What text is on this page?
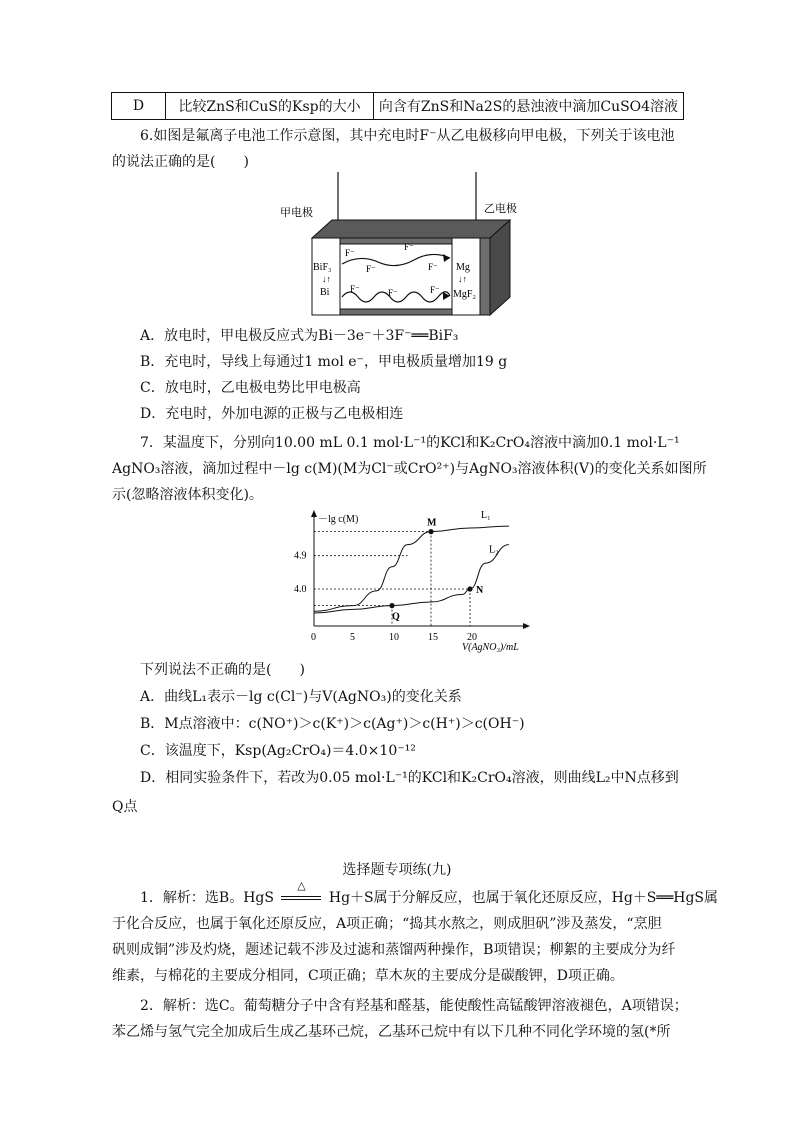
D	比较ZnS和CuS的Ksp的大小	向含有ZnS和Na2S的悬浊液中滴加CuSO4溶液
6.如图是氟离子电池工作示意图，其中充电时F⁻从乙电极移向甲电极，下列关于该电池
的说法正确的是(　　)
甲电极	乙电极
F⁻
F⁻
F⁻
F⁻
F⁻	F⁻	F⁻
BiF₃
↓↑
Bi
Mg
↓↑
MgF₂
A．放电时，甲电极反应式为Bi－3e⁻＋3F⁻══BiF₃
B．充电时，导线上每通过1 mol e⁻，甲电极质量增加19 g
C．放电时，乙电极电势比甲电极高
D．充电时，外加电源的正极与乙电极相连
7．某温度下，分别向10.00 mL 0.1 mol·L⁻¹的KCl和K₂CrO₄溶液中滴加0.1 mol·L⁻¹
AgNO₃溶液，滴加过程中－lg c(M)(M为Cl⁻或CrO²⁺)与AgNO₃溶液体积(V)的变化关系如图所
示(忽略溶液体积变化)。
－lg c(M)
V(AgNO₃)/mL
0	5	10	15	20
4.0
4.9
L₁
L₂
M
N
Q
下列说法不正确的是(　　)
A．曲线L₁表示－lg c(Cl⁻)与V(AgNO₃)的变化关系
B．M点溶液中：c(NO⁺)＞c(K⁺)＞c(Ag⁺)＞c(H⁺)＞c(OH⁻)
C．该温度下，Ksp(Ag₂CrO₄)＝4.0×10⁻¹²
D．相同实验条件下，若改为0.05 mol·L⁻¹的KCl和K₂CrO₄溶液，则曲线L₂中N点移到
Q点
选择题专项练(九)
1．解析：选B。HgS
△
Hg＋S属于分解反应，也属于氧化还原反应，Hg＋S══HgS属
于化合反应，也属于氧化还原反应，A项正确；“捣其水熬之，则成胆矾”涉及蒸发，“烹胆
矾则成铜”涉及灼烧，题述记载不涉及过滤和蒸馏两种操作，B项错误；柳絮的主要成分为纤
维素，与棉花的主要成分相同，C项正确；草木灰的主要成分是碳酸钾，D项正确。
2．解析：选C。葡萄糖分子中含有羟基和醛基，能使酸性高锰酸钾溶液褪色，A项错误；
苯乙烯与氢气完全加成后生成乙基环己烷，乙基环己烷中有以下几种不同化学环境的氢(*所
